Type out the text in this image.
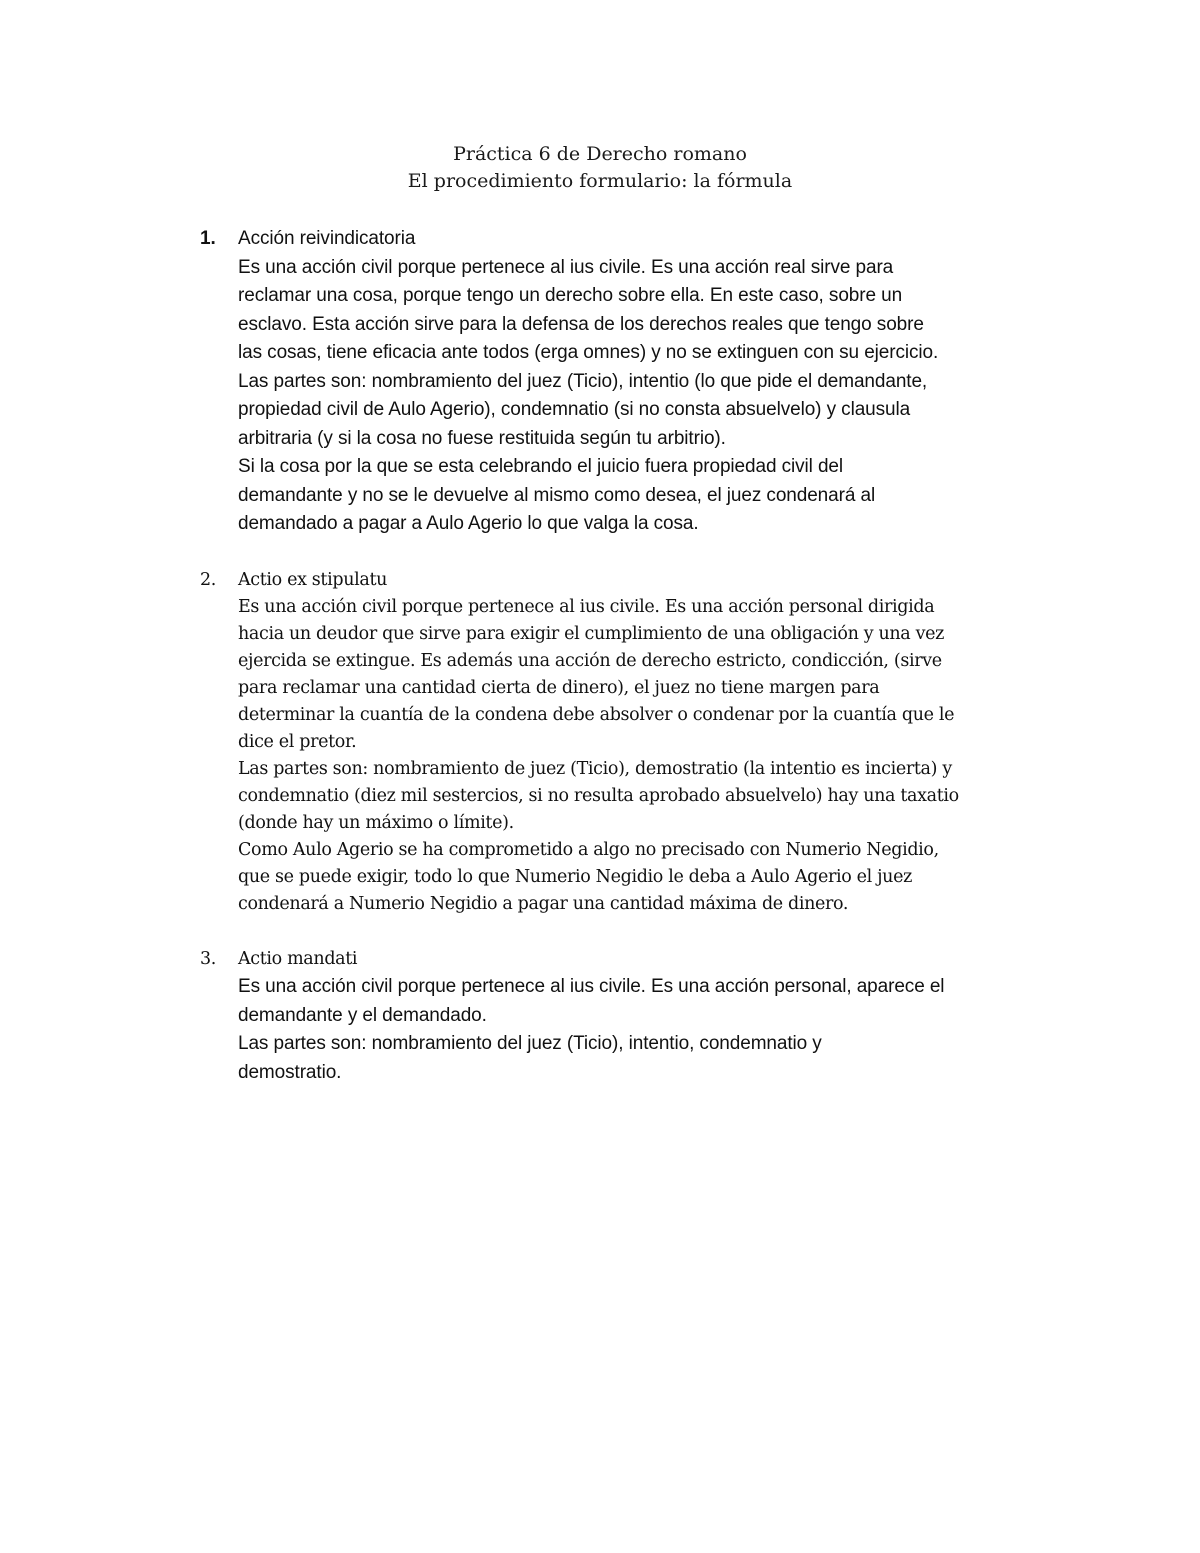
Práctica 6 de Derecho romano
El procedimiento formulario: la fórmula
1. Acción reivindicatoria

Es una acción civil porque pertenece al ius civile. Es una acción real sirve para

reclamar una cosa, porque tengo un derecho sobre ella. En este caso, sobre un

esclavo. Esta acción sirve para la defensa de los derechos reales que tengo sobre

las cosas, tiene eficacia ante todos (erga omnes) y no se extinguen con su ejercicio.

Las partes son: nombramiento del juez (Ticio), intentio (lo que pide el demandante,

propiedad civil de Aulo Agerio), condemnatio (si no consta absuelvelo) y clausula

arbitraria (y si la cosa no fuese restituida según tu arbitrio).

Si la cosa por la que se esta celebrando el juicio fuera propiedad civil del

demandante y no se le devuelve al mismo como desea, el juez condenará al

demandado a pagar a Aulo Agerio lo que valga la cosa.

2. Actio ex stipulatu

Es una acción civil porque pertenece al ius civile. Es una acción personal dirigida

hacia un deudor que sirve para exigir el cumplimiento de una obligación y una vez

ejercida se extingue. Es además una acción de derecho estricto, condicción, (sirve

para reclamar una cantidad cierta de dinero), el juez no tiene margen para

determinar la cuantía de la condena debe absolver o condenar por la cuantía que le

dice el pretor.

Las partes son: nombramiento de juez (Ticio), demostratio (la intentio es incierta) y

condemnatio (diez mil sestercios, si no resulta aprobado absuelvelo) hay una taxatio

(donde hay un máximo o límite).

Como Aulo Agerio se ha comprometido a algo no precisado con Numerio Negidio,

que se puede exigir, todo lo que Numerio Negidio le deba a Aulo Agerio el juez

condenará a Numerio Negidio a pagar una cantidad máxima de dinero.

3. Actio mandati

Es una acción civil porque pertenece al ius civile. Es una acción personal, aparece el

demandante y el demandado.

Las partes son: nombramiento del juez (Ticio), intentio, condemnatio y

demostratio.
